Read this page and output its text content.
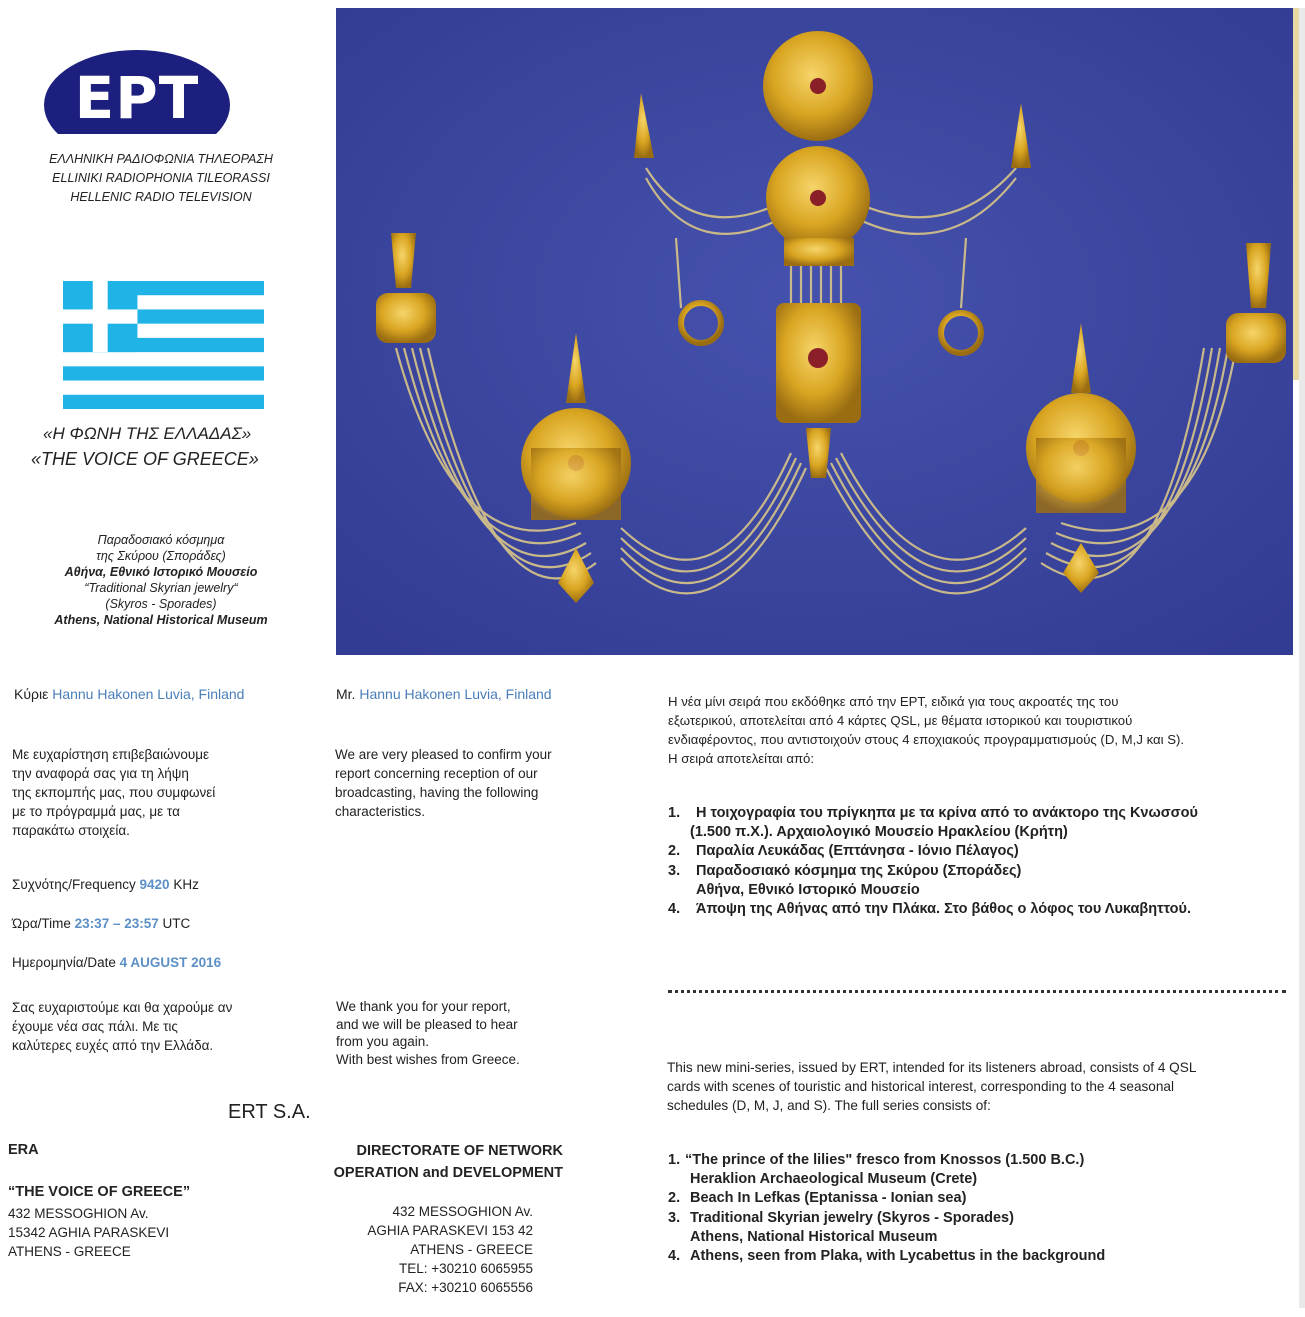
EPT
ΕΛΛΗΝΙΚΗ ΡΑΔΙΟΦΩΝΙΑ ΤΗΛΕΟΡΑΣΗ
ELLINIKI RADIOPHONIA TILEORASSI
HELLENIC RADIO TELEVISION
«Η ΦΩΝΗ ΤΗΣ ΕΛΛΑΔΑΣ»
«THE VOICE OF GREECE»
Παραδοσιακό κόσμημα
της Σκύρου (Σποράδες)
Αθήνα, Εθνικό Ιστορικό Μουσείο
“Traditional Skyrian jewelry“
(Skyros - Sporades)
Athens, National Historical Museum
Κύριε Hannu Hakonen Luvia, Finland	Mr. Hannu Hakonen Luvia, Finland
Με ευχαρίστηση επιβεβαιώνουμε
την αναφορά σας για τη λήψη
της εκπομπής μας, που συμφωνεί
με το πρόγραμμά μας, με τα
παρακάτω στοιχεία.
We are very pleased to confirm your
report concerning reception of our
broadcasting, having the following
characteristics.
Συχνότης/Frequency 9420 KHz
Ώρα/Time 23:37 – 23:57 UTC
Ημερομηνία/Date 4 AUGUST 2016
Σας ευχαριστούμε και θα χαρούμε αν
έχουμε νέα σας πάλι. Με τις
καλύτερες ευχές από την Ελλάδα.
We thank you for your report,
and we will be pleased to hear
from you again.
With best wishes from Greece.
ERT S.A.
ERA
“THE VOICE OF GREECE”
432 MESSOGHION Av.
15342 AGHIA PARASKEVI
ATHENS - GREECE
DIRECTORATE OF NETWORK
OPERATION and DEVELOPMENT
432 MESSOGHION Av.
AGHIA PARASKEVI 153 42
ATHENS - GREECE
TEL: +30210 6065955
FAX: +30210 6065556
Η νέα μίνι σειρά που εκδόθηκε από την ΕΡΤ, ειδικά για τους ακροατές της του
εξωτερικού, αποτελείται από 4 κάρτες QSL, με θέματα ιστορικού και τουριστικού
ενδιαφέροντος, που αντιστοιχούν στους 4 εποχιακούς προγραμματισμούς (D, M,J και S).
Η σειρά αποτελείται από:
1. Η τοιχογραφία του πρίγκηπα με τα κρίνα από το ανάκτορο της Κνωσσού
(1.500 π.Χ.). Αρχαιολογικό Μουσείο Ηρακλείου (Κρήτη)
2. Παραλία Λευκάδας (Επτάνησα - Ιόνιο Πέλαγος)
3. Παραδοσιακό κόσμημα της Σκύρου (Σποράδες)
Αθήνα, Εθνικό Ιστορικό Μουσείο
4. Άποψη της Αθήνας από την Πλάκα. Στο βάθος ο λόφος του Λυκαβηττού.
This new mini-series, issued by ERT, intended for its listeners abroad, consists of 4 QSL
cards with scenes of touristic and historical interest, corresponding to the 4 seasonal
schedules (D, M, J, and S). The full series consists of:
1. “The prince of the lilies" fresco from Knossos (1.500 B.C.)
Heraklion Archaeological Museum (Crete)
2. Beach In Lefkas (Eptanissa - Ionian sea)
3. Traditional Skyrian jewelry (Skyros - Sporades)
Athens, National Historical Museum
4. Athens, seen from Plaka, with Lycabettus in the background
